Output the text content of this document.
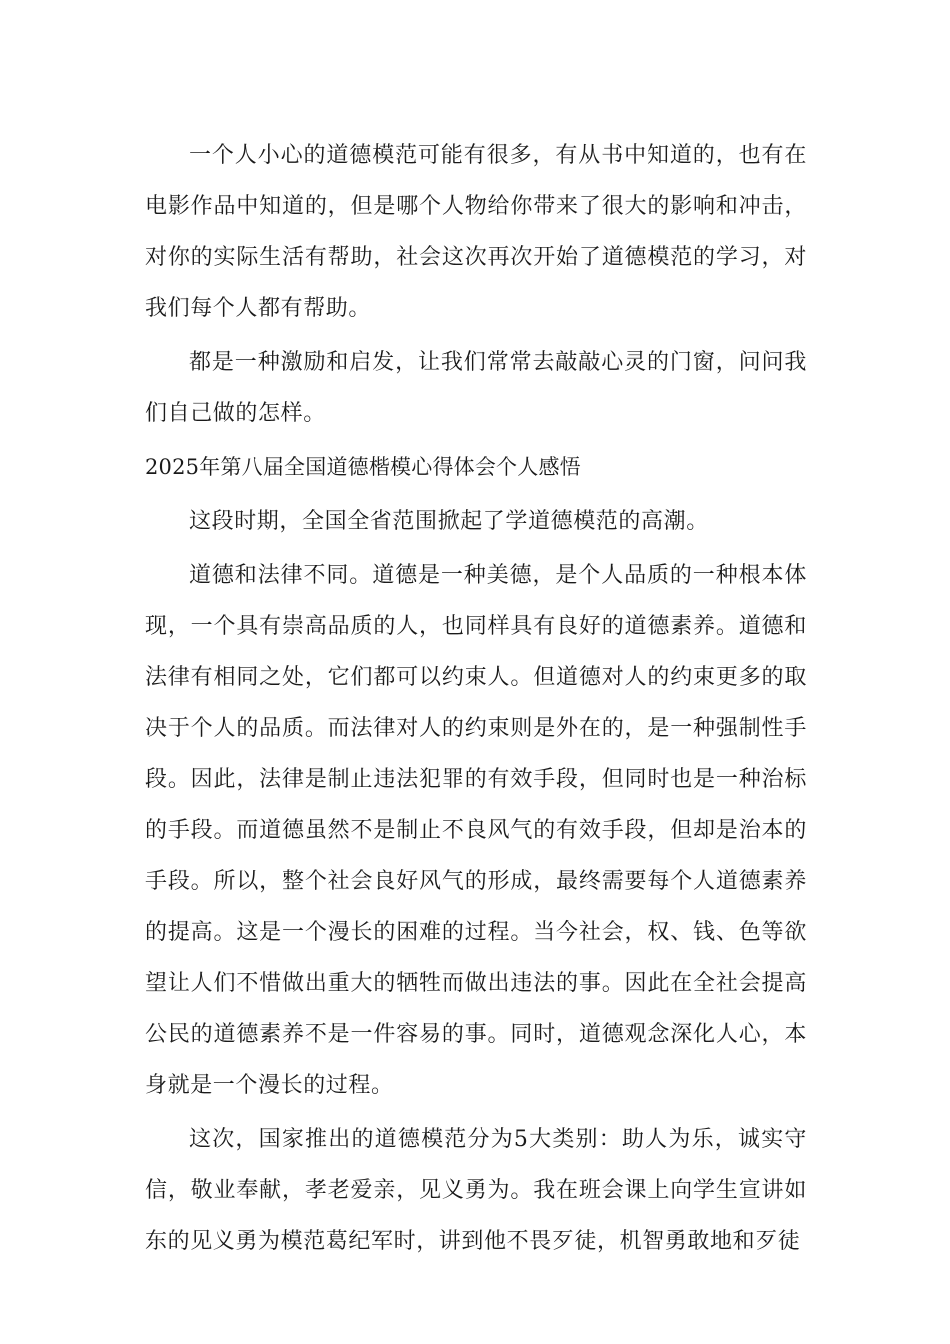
一个人小心的道德模范可能有很多，有从书中知道的，也有在电影作品中知道的，但是哪个人物给你带来了很大的影响和冲击，对你的实际生活有帮助，社会这次再次开始了道德模范的学习，对我们每个人都有帮助。

都是一种激励和启发，让我们常常去敲敲心灵的门窗，问问我们自己做的怎样。

2025年第八届全国道德楷模心得体会个人感悟

这段时期，全国全省范围掀起了学道德模范的高潮。

道德和法律不同。道德是一种美德，是个人品质的一种根本体现，一个具有崇高品质的人，也同样具有良好的道德素养。道德和法律有相同之处，它们都可以约束人。但道德对人的约束更多的取决于个人的品质。而法律对人的约束则是外在的，是一种强制性手段。因此，法律是制止违法犯罪的有效手段，但同时也是一种治标的手段。而道德虽然不是制止不良风气的有效手段，但却是治本的手段。所以，整个社会良好风气的形成，最终需要每个人道德素养的提高。这是一个漫长的困难的过程。当今社会，权、钱、色等欲望让人们不惜做出重大的牺牲而做出违法的事。因此在全社会提高公民的道德素养不是一件容易的事。同时，道德观念深化人心，本身就是一个漫长的过程。

这次，国家推出的道德模范分为5大类别：助人为乐，诚实守信，敬业奉献，孝老爱亲，见义勇为。我在班会课上向学生宣讲如东的见义勇为模范葛纪军时，讲到他不畏歹徒，机智勇敢地和歹徒
